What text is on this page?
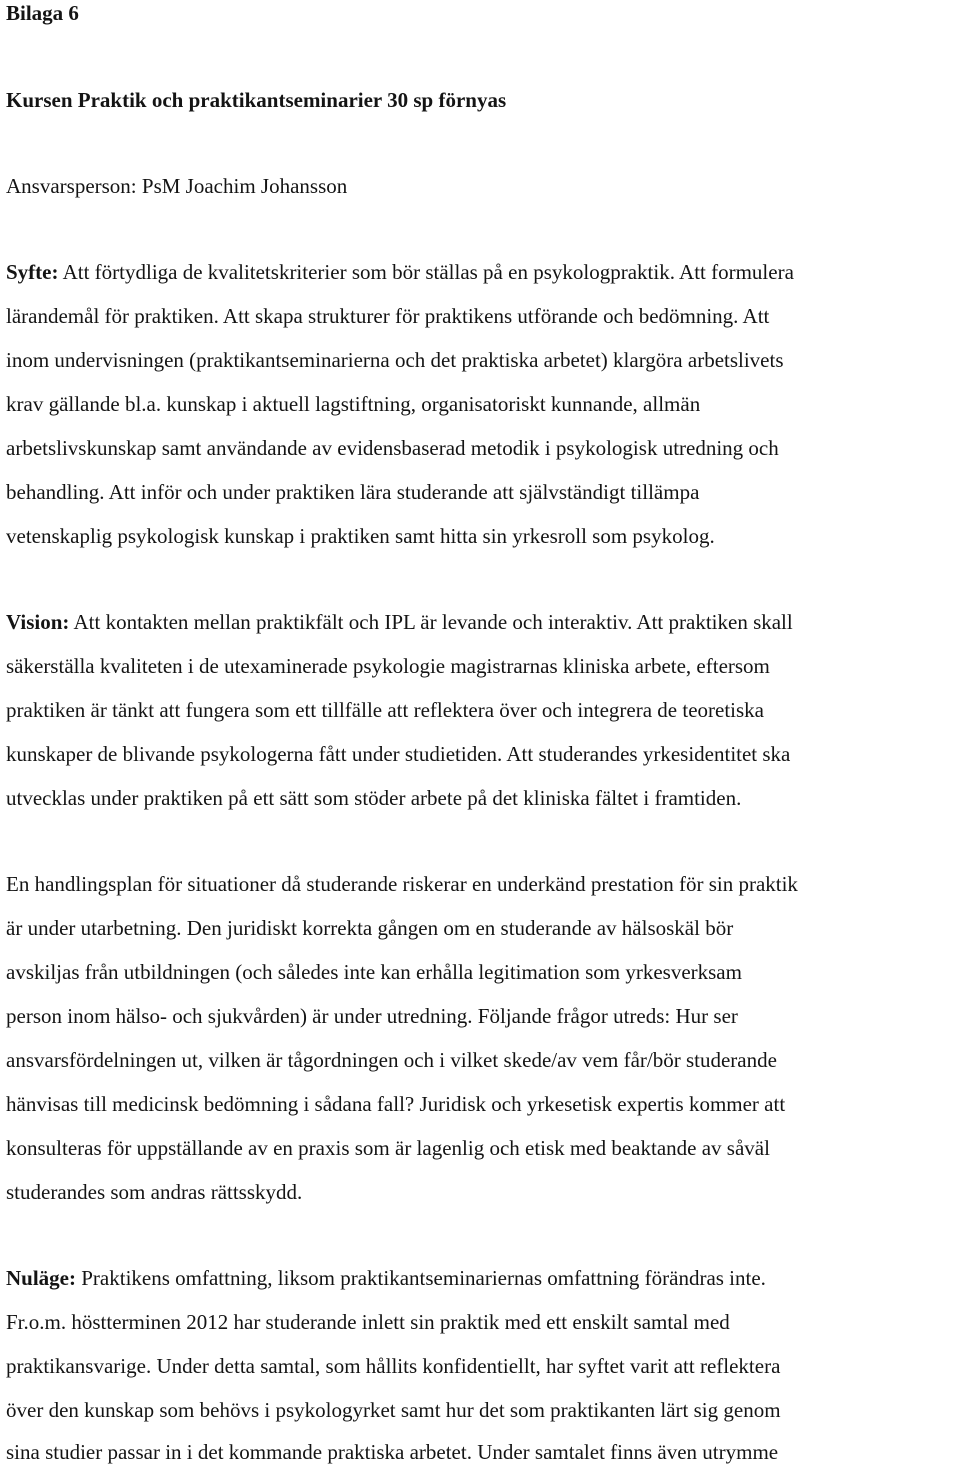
Bilaga 6
Kursen Praktik och praktikantseminarier 30 sp förnyas
Ansvarsperson: PsM Joachim Johansson
Syfte: Att förtydliga de kvalitetskriterier som bör ställas på en psykologpraktik. Att formulera
lärandemål för praktiken. Att skapa strukturer för praktikens utförande och bedömning. Att
inom undervisningen (praktikantseminarierna och det praktiska arbetet) klargöra arbetslivets
krav gällande bl.a. kunskap i aktuell lagstiftning, organisatoriskt kunnande, allmän
arbetslivskunskap samt användande av evidensbaserad metodik i psykologisk utredning och
behandling. Att inför och under praktiken lära studerande att självständigt tillämpa
vetenskaplig psykologisk kunskap i praktiken samt hitta sin yrkesroll som psykolog.
Vision: Att kontakten mellan praktikfält och IPL är levande och interaktiv. Att praktiken skall
säkerställa kvaliteten i de utexaminerade psykologie magistrarnas kliniska arbete, eftersom
praktiken är tänkt att fungera som ett tillfälle att reflektera över och integrera de teoretiska
kunskaper de blivande psykologerna fått under studietiden. Att studerandes yrkesidentitet ska
utvecklas under praktiken på ett sätt som stöder arbete på det kliniska fältet i framtiden.
En handlingsplan för situationer då studerande riskerar en underkänd prestation för sin praktik
är under utarbetning. Den juridiskt korrekta gången om en studerande av hälsoskäl bör
avskiljas från utbildningen (och således inte kan erhålla legitimation som yrkesverksam
person inom hälso- och sjukvården) är under utredning. Följande frågor utreds: Hur ser
ansvarsfördelningen ut, vilken är tågordningen och i vilket skede/av vem får/bör studerande
hänvisas till medicinsk bedömning i sådana fall? Juridisk och yrkesetisk expertis kommer att
konsulteras för uppställande av en praxis som är lagenlig och etisk med beaktande av såväl
studerandes som andras rättsskydd.
Nuläge: Praktikens omfattning, liksom praktikantseminariernas omfattning förändras inte.
Fr.o.m. höstterminen 2012 har studerande inlett sin praktik med ett enskilt samtal med
praktikansvarige. Under detta samtal, som hållits konfidentiellt, har syftet varit att reflektera
över den kunskap som behövs i psykologyrket samt hur det som praktikanten lärt sig genom
sina studier passar in i det kommande praktiska arbetet. Under samtalet finns även utrymme
